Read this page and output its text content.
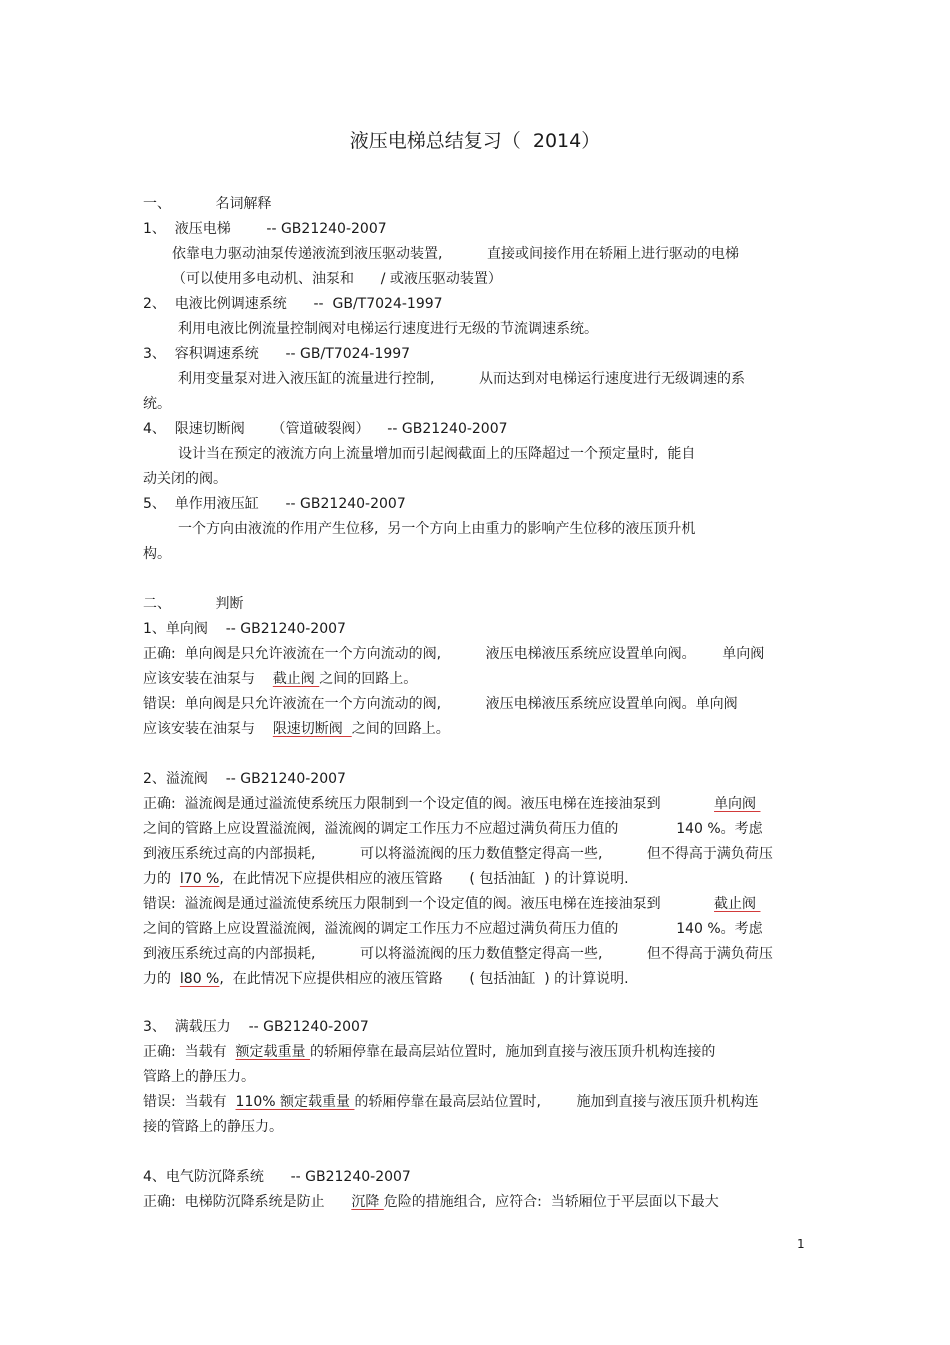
液压电梯总结复习（  2014）
一、          名词解释
1、  液压电梯        -- GB21240-2007
依靠电力驱动油泵传递液流到液压驱动装置,          直接或间接作用在轿厢上进行驱动的电梯
（可以使用多电动机、油泵和      / 或液压驱动装置）
2、  电液比例调速系统      --  GB/T7024-1997
利用电液比例流量控制阀对电梯运行速度进行无级的节流调速系统。
3、  容积调速系统      -- GB/T7024-1997
利用变量泵对进入液压缸的流量进行控制,          从而达到对电梯运行速度进行无级调速的系
统。
4、  限速切断阀      （管道破裂阀）    -- GB21240-2007
设计当在预定的液流方向上流量增加而引起阀截面上的压降超过一个预定量时,  能自
动关闭的阀。
5、  单作用液压缸      -- GB21240-2007
一个方向由液流的作用产生位移,  另一个方向上由重力的影响产生位移的液压顶升机
构。
二、          判断
1、单向阀    -- GB21240-2007
正确:  单向阀是只允许液流在一个方向流动的阀,          液压电梯液压系统应设置单向阀。      单向阀
应该安装在油泵与    截止阀 之间的回路上。
错误:  单向阀是只允许液流在一个方向流动的阀,          液压电梯液压系统应设置单向阀。单向阀
应该安装在油泵与    限速切断阀  之间的回路上。
2、溢流阀    -- GB21240-2007
正确:  溢流阀是通过溢流使系统压力限制到一个设定值的阀。液压电梯在连接油泵到            单向阀
之间的管路上应设置溢流阀,  溢流阀的调定工作压力不应超过满负荷压力值的             140 %。考虑
到液压系统过高的内部损耗,          可以将溢流阀的压力数值整定得高一些,          但不得高于满负荷压
力的  l70 %,  在此情况下应提供相应的液压管路      ( 包括油缸  ) 的计算说明.
错误:  溢流阀是通过溢流使系统压力限制到一个设定值的阀。液压电梯在连接油泵到            截止阀
之间的管路上应设置溢流阀,  溢流阀的调定工作压力不应超过满负荷压力值的             140 %。考虑
到液压系统过高的内部损耗,          可以将溢流阀的压力数值整定得高一些,          但不得高于满负荷压
力的  l80 %,  在此情况下应提供相应的液压管路      ( 包括油缸  ) 的计算说明.
3、  满载压力    -- GB21240-2007
正确:  当载有  额定载重量 的轿厢停靠在最高层站位置时,  施加到直接与液压顶升机构连接的
管路上的静压力。
错误:  当载有  110% 额定载重量 的轿厢停靠在最高层站位置时,        施加到直接与液压顶升机构连
接的管路上的静压力。
4、电气防沉降系统      -- GB21240-2007
正确:  电梯防沉降系统是防止      沉降 危险的措施组合,  应符合:  当轿厢位于平层面以下最大
1
